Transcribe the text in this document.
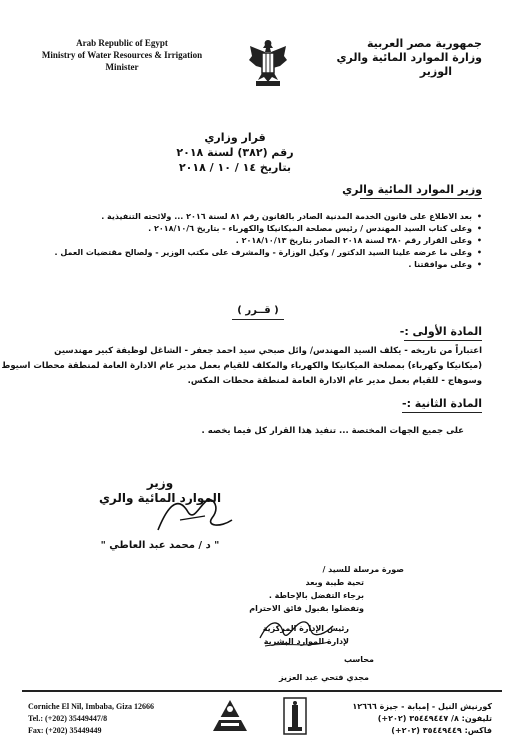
Arab Republic of Egypt
Ministry of Water Resources & Irrigation
Minister
جمهورية مصر العربية
وزارة الموارد المائية والري
الوزير
قرار وزاري
رقم (٣٨٢) لسنة ٢٠١٨
بتاريخ ١٤ / ١٠ / ٢٠١٨
وزير الموارد المائية والري
• بعد الاطلاع على قانون الخدمة المدنية الصادر بالقانون رقم ٨١ لسنة ٢٠١٦ ... ولائحته التنفيذية .
• وعلى كتاب السيد المهندس / رئيس مصلحة الميكانيكا والكهرباء - بتاريخ ٢٠١٨/١٠/٦ .
• وعلى القرار رقم ٣٨٠ لسنة ٢٠١٨ الصادر بتاريخ ٢٠١٨/١٠/١٣ .
• وعلى ما عرضه علينا السيد الدكتور / وكيل الوزارة - والمشرف على مكتب الوزير - ولصالح مقتضيات العمل .
• وعلى موافقتنا .
( قــرر )
المادة الأولى :-
اعتباراً من تاريخه - يكلف السيد المهندس/ وائل صبحي سيد احمد جعفر - الشاغل لوظيفة كبير مهندسين
(ميكانيكا وكهرباء) بمصلحة الميكانيكا والكهرباء والمكلف للقيام بعمل مدير عام الادارة العامة لمنطقة محطات اسيوط
وسوهاج - للقيام بعمل مدير عام الادارة العامة لمنطقة محطات المكس.
المادة الثانية :-
على جميع الجهات المختصة ... تنفيذ هذا القرار كل فيما يخصه .
وزير
الموارد المائية والري
" د / محمد عبد العاطي "
صورة مرسلة للسيد /
تحية طيبة وبعد
برجاء التفضل بالإحاطة .
وتفضلوا بقبول فائق الاحترام
رئيس الإدارة المركزية
لإدارة الموارد البشرية
محاسب
مجدي فتحي عبد العزيز
Corniche El Nil, Imbaba, Giza 12666
Tel.: (+202) 35449447/8
Fax: (+202) 35449449
كورنيش النيل - إمبابة - جيزة ١٢٦٦٦
تليفون: ٨/ ٣٥٤٤٩٤٤٧ (٢٠٢+)
فاكس: ٣٥٤٤٩٤٤٩ (٢٠٢+)
